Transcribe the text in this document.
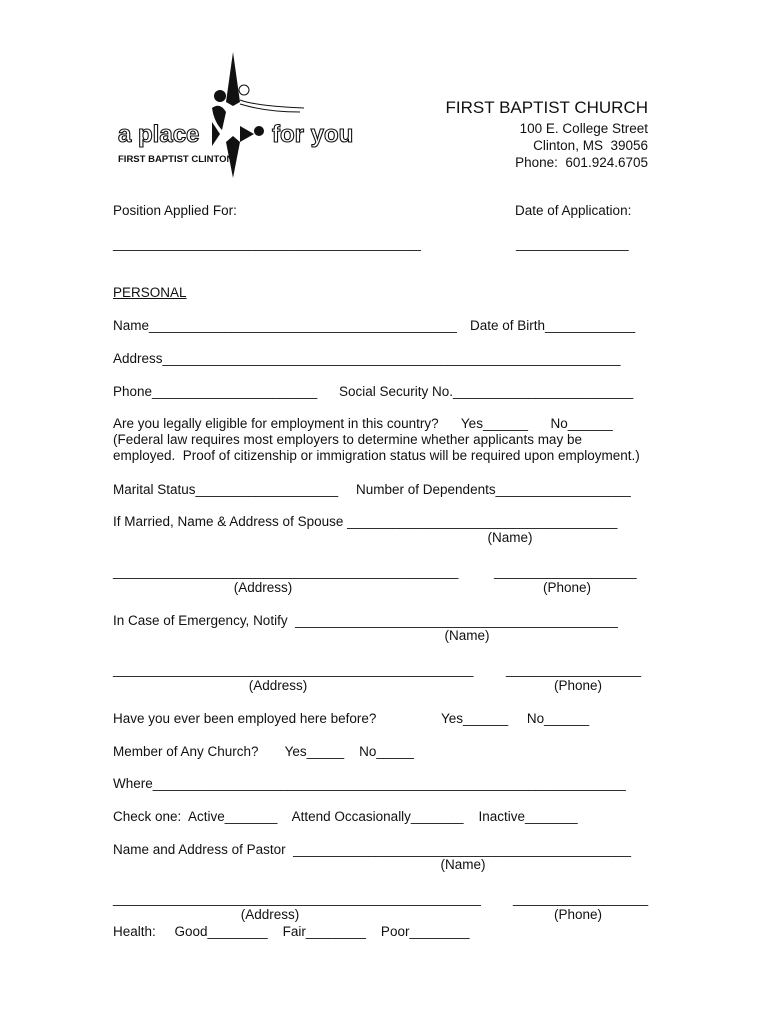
a place	for you
FIRST BAPTIST CLINTON
FIRST BAPTIST CHURCH
100 E. College Street
Clinton, MS  39056
Phone:  601.924.6705
Position Applied For:	Date of Application:
_________________________________________	_______________
PERSONAL
Name_________________________________________ Date of Birth____________
Address_____________________________________________________________
Phone______________________ Social Security No.________________________
Are you legally eligible for employment in this country?      Yes______      No______
(Federal law requires most employers to determine whether applicants may be
employed.  Proof of citizenship or immigration status will be required upon employment.)
Marital Status___________________ Number of Dependents__________________
If Married, Name & Address of Spouse ____________________________________
(Name)
______________________________________________	___________________
(Address)	(Phone)
In Case of Emergency, Notify  ___________________________________________
(Name)
________________________________________________ __________________
(Address)	(Phone)
Have you ever been employed here before?	Yes______     No______
Member of Any Church?       Yes_____    No_____
Where_______________________________________________________________
Check one:  Active_______    Attend Occasionally_______    Inactive_______
Name and Address of Pastor  _____________________________________________
(Name)
_________________________________________________ __________________
(Address)	(Phone)
Health:     Good________    Fair________    Poor________
